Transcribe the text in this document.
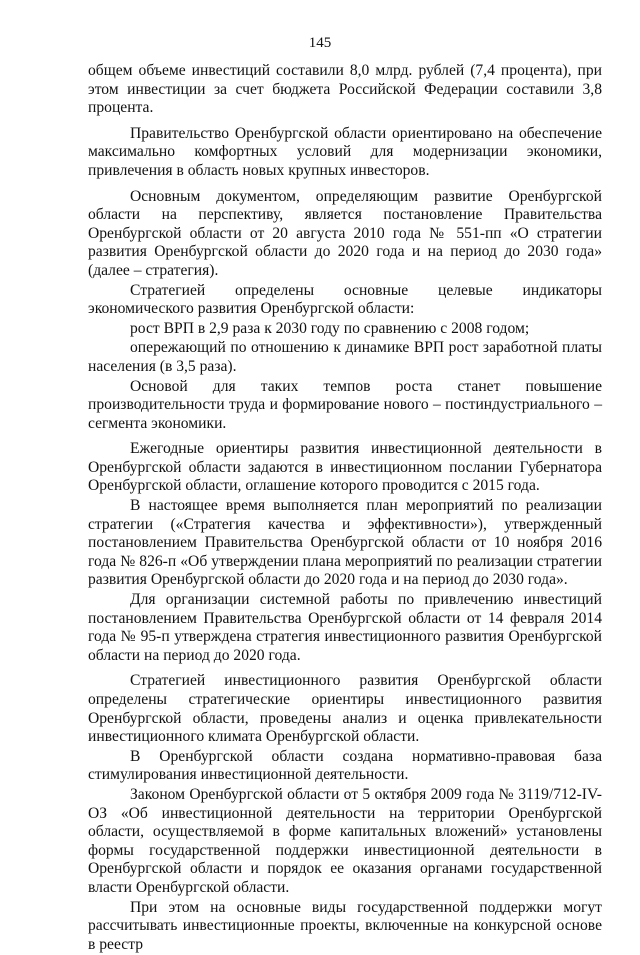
145

общем объеме инвестиций составили 8,0 млрд. рублей (7,4 процента), при этом инвестиции за счет бюджета Российской Федерации составили 3,8 процента.

Правительство Оренбургской области ориентировано на обеспечение максимально комфортных условий для модернизации экономики, привлечения в область новых крупных инвесторов.

Основным документом, определяющим развитие Оренбургской области на перспективу, является постановление Правительства Оренбургской области от 20 августа 2010 года № 551-пп «О стратегии развития Оренбургской области до 2020 года и на период до 2030 года» (далее – стратегия).

Стратегией определены основные целевые индикаторы экономического развития Оренбургской области:

рост ВРП в 2,9 раза к 2030 году по сравнению с 2008 годом;

опережающий по отношению к динамике ВРП рост заработной платы населения (в 3,5 раза).

Основой для таких темпов роста станет повышение производительности труда и формирование нового – постиндустриального – сегмента экономики.

Ежегодные ориентиры развития инвестиционной деятельности в Оренбургской области задаются в инвестиционном послании Губернатора Оренбургской области, оглашение которого проводится с 2015 года.

В настоящее время выполняется план мероприятий по реализации стратегии («Стратегия качества и эффективности»), утвержденный постановлением Правительства Оренбургской области от 10 ноября 2016 года № 826-п «Об утверждении плана мероприятий по реализации стратегии развития Оренбургской области до 2020 года и на период до 2030 года».

Для организации системной работы по привлечению инвестиций постановлением Правительства Оренбургской области от 14 февраля 2014 года № 95-п утверждена стратегия инвестиционного развития Оренбургской области на период до 2020 года.

Стратегией инвестиционного развития Оренбургской области определены стратегические ориентиры инвестиционного развития Оренбургской области, проведены анализ и оценка привлекательности инвестиционного климата Оренбургской области.

В Оренбургской области создана нормативно-правовая база стимулирования инвестиционной деятельности.

Законом Оренбургской области от 5 октября 2009 года № 3119/712-IV-ОЗ «Об инвестиционной деятельности на территории Оренбургской области, осуществляемой в форме капитальных вложений» установлены формы государственной поддержки инвестиционной деятельности в Оренбургской области и порядок ее оказания органами государственной власти Оренбургской области.

При этом на основные виды государственной поддержки могут рассчитывать инвестиционные проекты, включенные на конкурсной основе в реестр
